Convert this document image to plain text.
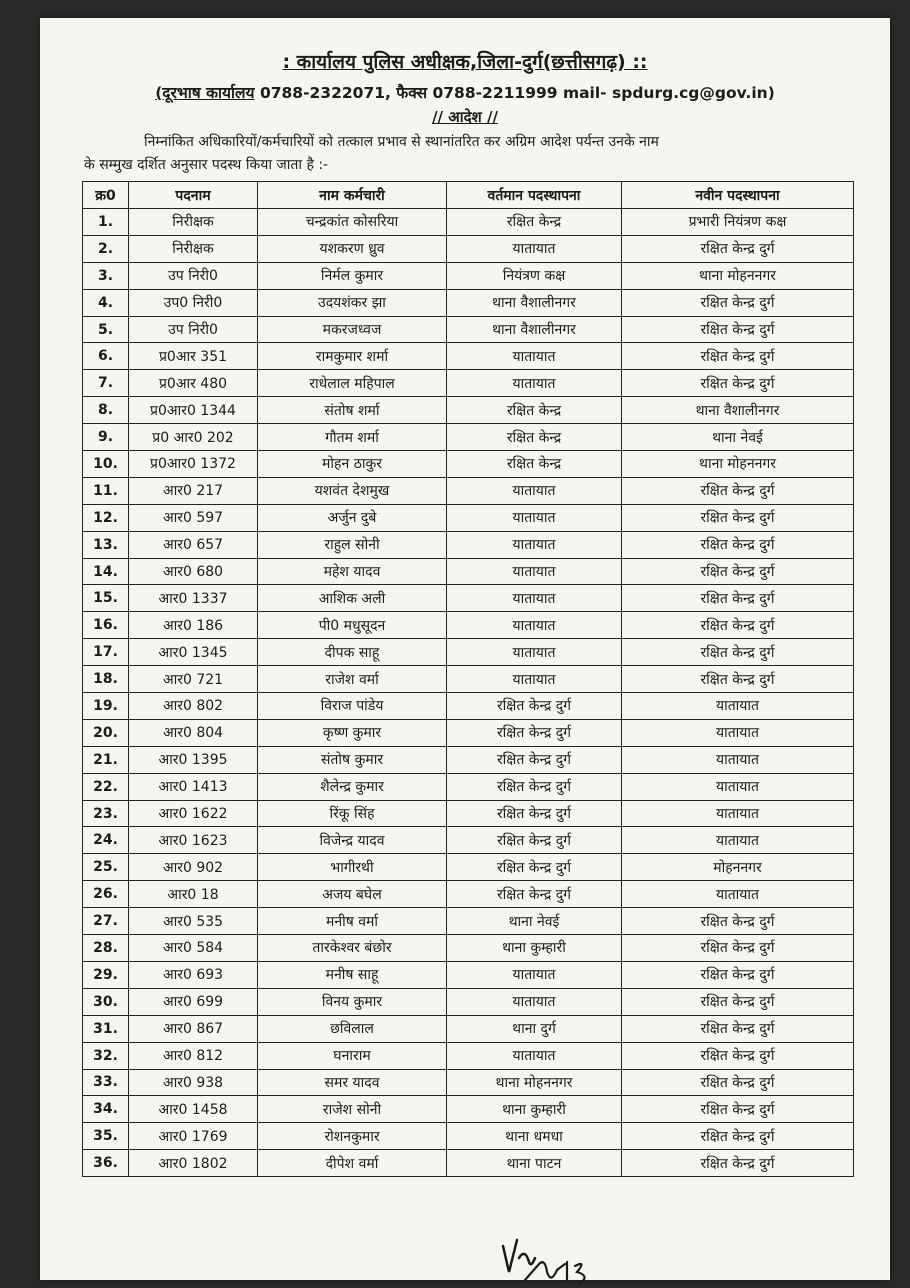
: कार्यालय पुलिस अधीक्षक,जिला-दुर्ग(छत्तीसगढ़) ::
(दूरभाष कार्यालय 0788-2322071, फैक्स 0788-2211999 mail- spdurg.cg@gov.in)
// आदेश //
निम्नांकित अधिकारियों/कर्मचारियों को तत्काल प्रभाव से स्थानांतरित कर अग्रिम आदेश पर्यन्त उनके नाम
के सम्मुख दर्शित अनुसार पदस्थ किया जाता है :-
क्र0	पदनाम	नाम कर्मचारी	वर्तमान पदस्थापना	नवीन पदस्थापना
1.	निरीक्षक	चन्द्रकांत कोसरिया	रक्षित केन्द्र	प्रभारी नियंत्रण कक्ष
2.	निरीक्षक	यशकरण ध्रुव	यातायात	रक्षित केन्द्र दुर्ग
3.	उप निरी0	निर्मल कुमार	नियंत्रण कक्ष	थाना मोहननगर
4.	उप0 निरी0	उदयशंकर झा	थाना वैशालीनगर	रक्षित केन्द्र दुर्ग
5.	उप निरी0	मकरजध्वज	थाना वैशालीनगर	रक्षित केन्द्र दुर्ग
6.	प्र0आर 351	रामकुमार शर्मा	यातायात	रक्षित केन्द्र दुर्ग
7.	प्र0आर 480	राधेलाल महिपाल	यातायात	रक्षित केन्द्र दुर्ग
8.	प्र0आर0 1344	संतोष शर्मा	रक्षित केन्द्र	थाना वैशालीनगर
9.	प्र0 आर0 202	गौतम शर्मा	रक्षित केन्द्र	थाना नेवई
10.	प्र0आर0 1372	मोहन ठाकुर	रक्षित केन्द्र	थाना मोहननगर
11.	आर0 217	यशवंत देशमुख	यातायात	रक्षित केन्द्र दुर्ग
12.	आर0 597	अर्जुन दुबे	यातायात	रक्षित केन्द्र दुर्ग
13.	आर0 657	राहुल सोनी	यातायात	रक्षित केन्द्र दुर्ग
14.	आर0 680	महेश यादव	यातायात	रक्षित केन्द्र दुर्ग
15.	आर0 1337	आशिक अली	यातायात	रक्षित केन्द्र दुर्ग
16.	आर0 186	पी0 मधुसूदन	यातायात	रक्षित केन्द्र दुर्ग
17.	आर0 1345	दीपक साहू	यातायात	रक्षित केन्द्र दुर्ग
18.	आर0 721	राजेश वर्मा	यातायात	रक्षित केन्द्र दुर्ग
19.	आर0 802	विराज पांडेय	रक्षित केन्द्र दुर्ग	यातायात
20.	आर0 804	कृष्ण कुमार	रक्षित केन्द्र दुर्ग	यातायात
21.	आर0 1395	संतोष कुमार	रक्षित केन्द्र दुर्ग	यातायात
22.	आर0 1413	शैलेन्द्र कुमार	रक्षित केन्द्र दुर्ग	यातायात
23.	आर0 1622	रिंकू सिंह	रक्षित केन्द्र दुर्ग	यातायात
24.	आर0 1623	विजेन्द्र यादव	रक्षित केन्द्र दुर्ग	यातायात
25.	आर0 902	भागीरथी	रक्षित केन्द्र दुर्ग	मोहननगर
26.	आर0 18	अजय बघेल	रक्षित केन्द्र दुर्ग	यातायात
27.	आर0 535	मनीष वर्मा	थाना नेवई	रक्षित केन्द्र दुर्ग
28.	आर0 584	तारकेश्वर बंछोर	थाना कुम्हारी	रक्षित केन्द्र दुर्ग
29.	आर0 693	मनीष साहू	यातायात	रक्षित केन्द्र दुर्ग
30.	आर0 699	विनय कुमार	यातायात	रक्षित केन्द्र दुर्ग
31.	आर0 867	छविलाल	थाना दुर्ग	रक्षित केन्द्र दुर्ग
32.	आर0 812	घनाराम	यातायात	रक्षित केन्द्र दुर्ग
33.	आर0 938	समर यादव	थाना मोहननगर	रक्षित केन्द्र दुर्ग
34.	आर0 1458	राजेश सोनी	थाना कुम्हारी	रक्षित केन्द्र दुर्ग
35.	आर0 1769	रोशनकुमार	थाना धमधा	रक्षित केन्द्र दुर्ग
36.	आर0 1802	दीपेश वर्मा	थाना पाटन	रक्षित केन्द्र दुर्ग
